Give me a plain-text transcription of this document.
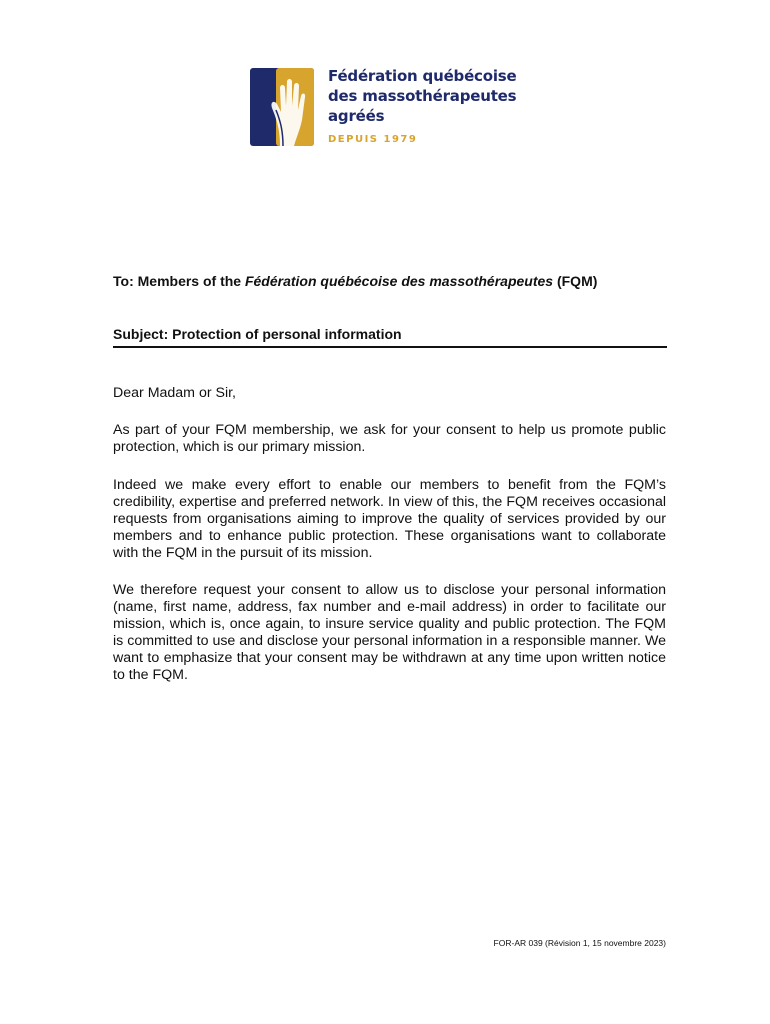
Fédération québécoise
des massothérapeutes
agréés
DEPUIS 1979
To: Members of the Fédération québécoise des massothérapeutes (FQM)
Subject: Protection of personal information

Dear Madam or Sir,

As part of your FQM membership, we ask for your consent to help us promote public protection, which is our primary mission.

Indeed we make every effort to enable our members to benefit from the FQM’s credibility, expertise and preferred network. In view of this, the FQM receives occasional requests from organisations aiming to improve the quality of services provided by our members and to enhance public protection. These organisations want to collaborate with the FQM in the pursuit of its mission.

We therefore request your consent to allow us to disclose your personal information (name, first name, address, fax number and e-mail address) in order to facilitate our mission, which is, once again, to insure service quality and public protection. The FQM is committed to use and disclose your personal information in a responsible manner. We want to emphasize that your consent may be withdrawn at any time upon written notice to the FQM.

FOR-AR 039 (Révision 1, 15 novembre 2023)
